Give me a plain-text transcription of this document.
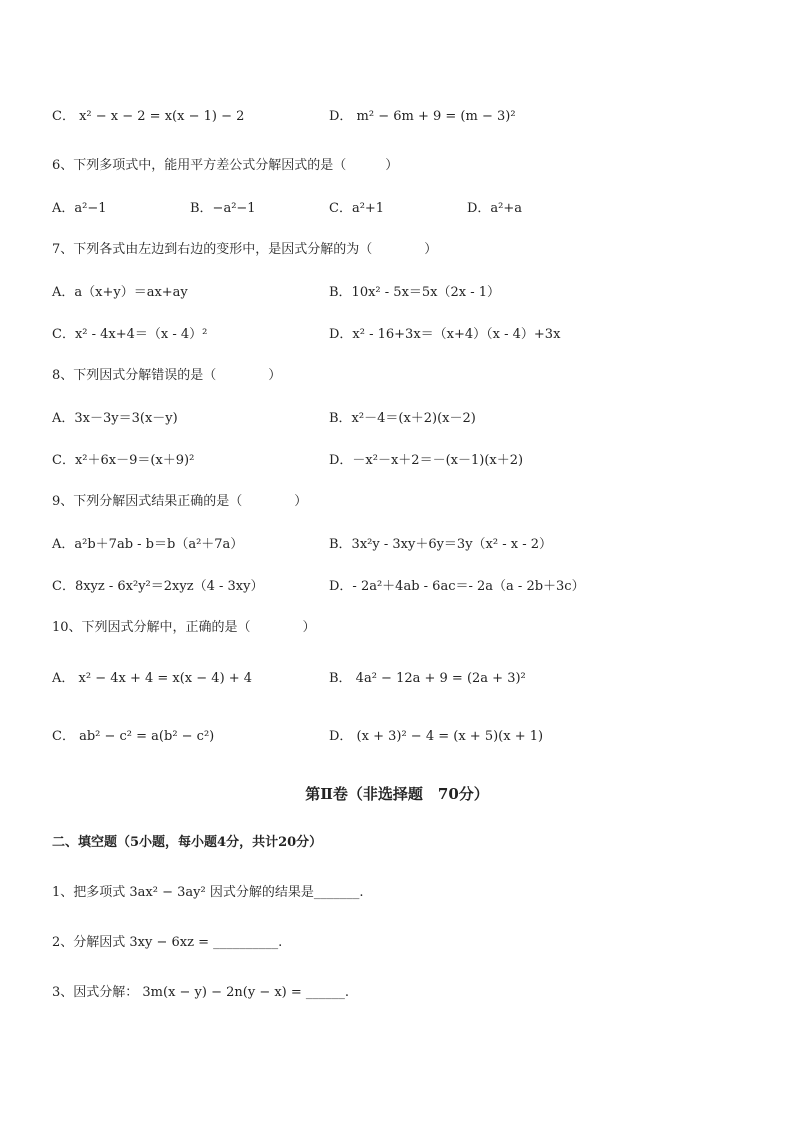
C． x² − x − 2 = x(x − 1) − 2	D． m² − 6m + 9 = (m − 3)²
6、下列多项式中，能用平方差公式分解因式的是（　　　）
A．a²−1	B．−a²−1	C．a²+1	D．a²+a
7、下列各式由左边到右边的变形中，是因式分解的为（　　　　）
A．a（x+y）＝ax+ay	B．10x² - 5x＝5x（2x - 1）
C．x² - 4x+4＝（x - 4）²	D．x² - 16+3x＝（x+4）（x - 4）+3x
8、下列因式分解错误的是（　　　　）
A．3x－3y＝3(x－y)	B．x²－4＝(x＋2)(x－2)
C．x²＋6x－9＝(x＋9)²	D．－x²－x＋2＝－(x－1)(x＋2)
9、下列分解因式结果正确的是（　　　　）
A．a²b＋7ab - b＝b（a²＋7a）	B．3x²y - 3xy＋6y＝3y（x² - x - 2）
C．8xyz - 6x²y²＝2xyz（4 - 3xy）	D．- 2a²＋4ab - 6ac＝- 2a（a - 2b＋3c）
10、下列因式分解中，正确的是（　　　　）
A． x² − 4x + 4 = x(x − 4) + 4	B． 4a² − 12a + 9 = (2a + 3)²
C． ab² − c² = a(b² − c²)	D． (x + 3)² − 4 = (x + 5)(x + 1)
第Ⅱ卷（非选择题　70分）
二、填空题（5小题，每小题4分，共计20分）
1、把多项式 3ax² − 3ay² 因式分解的结果是_______.
2、分解因式 3xy − 6xz = __________.
3、因式分解： 3m(x − y) − 2n(y − x) = ______.
